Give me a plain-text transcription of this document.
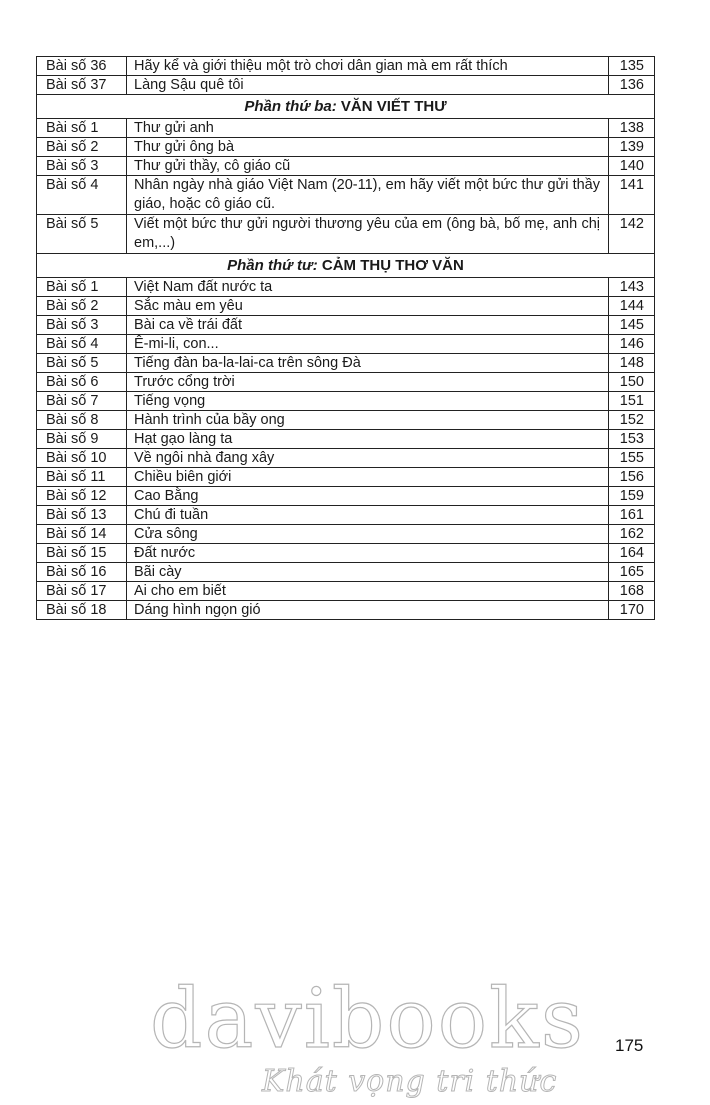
Bài số 36	Hãy kể và giới thiệu một trò chơi dân gian mà em rất thích	135
Bài số 37	Làng Sậu quê tôi	136
Phần thứ ba: VĂN VIẾT THƯ		
Bài số 1	Thư gửi anh	138
Bài số 2	Thư gửi ông bà	139
Bài số 3	Thư gửi thầy, cô giáo cũ	140
Bài số 4	Nhân ngày nhà giáo Việt Nam (20-11), em hãy viết một bức thư gửi thầy giáo, hoặc cô giáo cũ.	141
Bài số 5	Viết một bức thư gửi người thương yêu của em (ông bà, bố mẹ, anh chị em,...)	142
Phần thứ tư: CẢM THỤ THƠ VĂN		
Bài số 1	Việt Nam đất nước ta	143
Bài số 2	Sắc màu em yêu	144
Bài số 3	Bài ca về trái đất	145
Bài số 4	Ê-mi-li, con...	146
Bài số 5	Tiếng đàn ba-la-lai-ca trên sông Đà	148
Bài số 6	Trước cổng trời	150
Bài số 7	Tiếng vọng	151
Bài số 8	Hành trình của bầy ong	152
Bài số 9	Hạt gạo làng ta	153
Bài số 10	Về ngôi nhà đang xây	155
Bài số 11	Chiều biên giới	156
Bài số 12	Cao Bằng	159
Bài số 13	Chú đi tuần	161
Bài số 14	Cửa sông	162
Bài số 15	Đất nước	164
Bài số 16	Bãi cày	165
Bài số 17	Ai cho em biết	168
Bài số 18	Dáng hình ngọn gió	170
175
davibooks
Khát vọng tri thức
